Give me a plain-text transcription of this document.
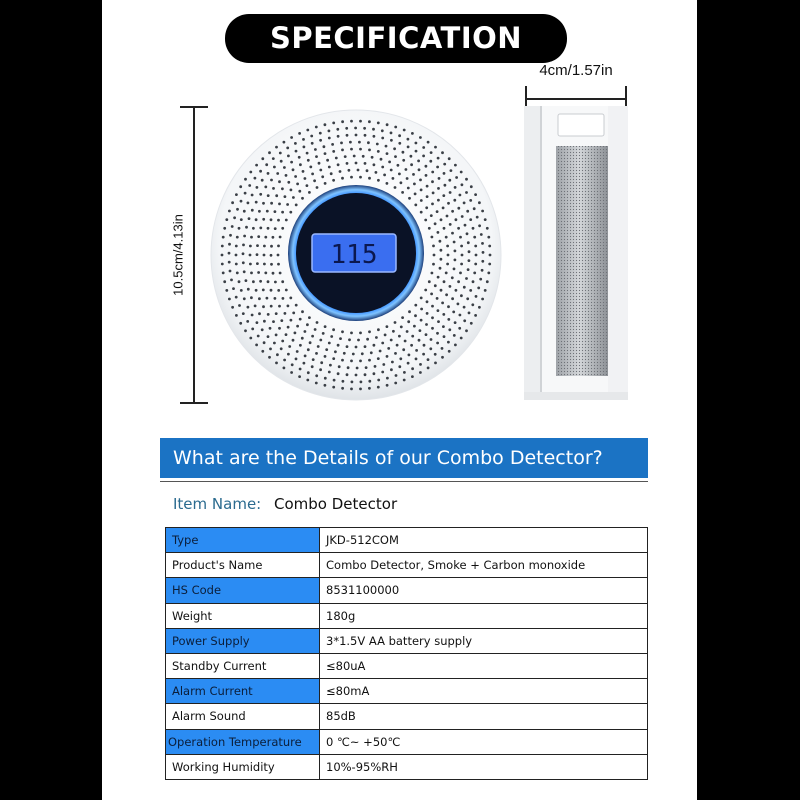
SPECIFICATION
10.5cm/4.13in
4cm/1.57in
115
What are the Details of our Combo Detector?
Item Name: Combo Detector
Type	JKD-512COM
Product's Name	Combo Detector, Smoke + Carbon monoxide
HS Code	8531100000
Weight	180g
Power Supply	3*1.5V AA battery supply
Standby Current	≤80uA
Alarm Current	≤80mA
Alarm Sound	85dB
Operation Temperature	0 ℃~ +50℃
Working Humidity	10%-95%RH
